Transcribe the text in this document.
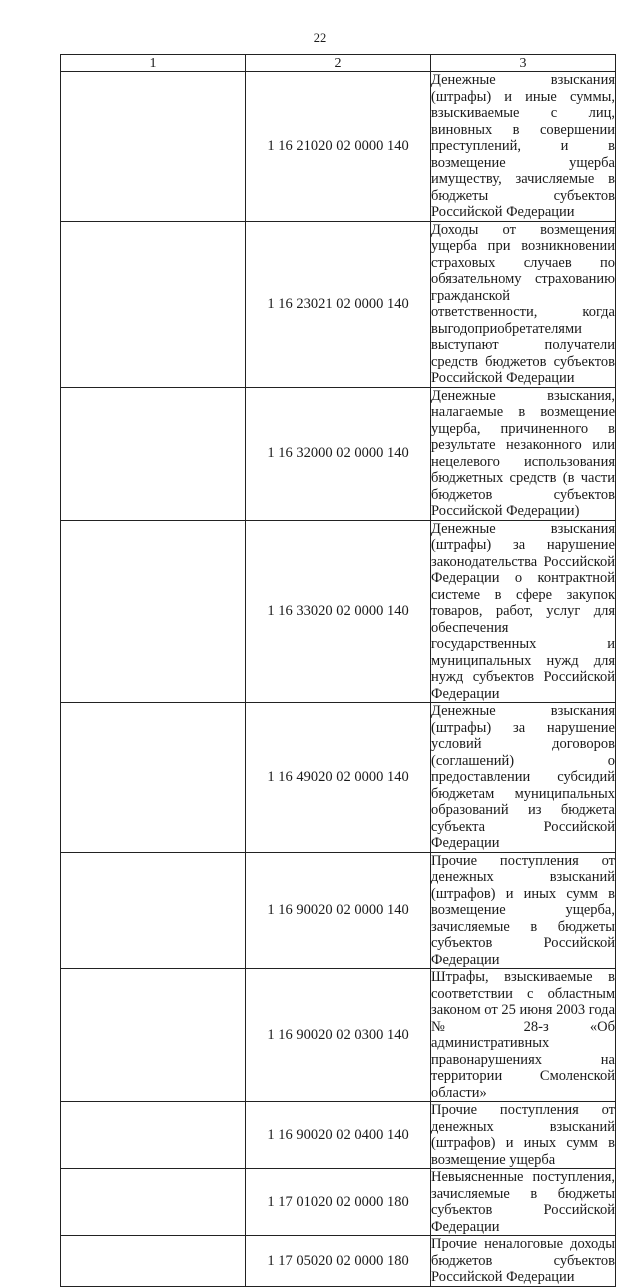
22
1	2	3
	1 16 21020 02 0000 140	Денежные взыскания (штрафы) и иные суммы, взыскиваемые с лиц, виновных в совершении преступлений, и в возмещение ущерба имуществу, зачисляемые в бюджеты субъектов Российской Федерации
	1 16 23021 02 0000 140	Доходы от возмещения ущерба при возникновении страховых случаев по обязательному страхованию гражданской ответственности, когда выгодоприобретателями выступают получатели средств бюджетов субъектов Российской Федерации
	1 16 32000 02 0000 140	Денежные взыскания, налагаемые в возмещение ущерба, причиненного в результате незаконного или нецелевого использования бюджетных средств (в части бюджетов субъектов Российской Федерации)
	1 16 33020 02 0000 140	Денежные взыскания (штрафы) за нарушение законодательства Российской Федерации о контрактной системе в сфере закупок товаров, работ, услуг для обеспечения государственных и муниципальных нужд для нужд субъектов Российской Федерации
	1 16 49020 02 0000 140	Денежные взыскания (штрафы) за нарушение условий договоров (соглашений) о предоставлении субсидий бюджетам муниципальных образований из бюджета субъекта Российской Федерации
	1 16 90020 02 0000 140	Прочие поступления от денежных взысканий (штрафов) и иных сумм в возмещение ущерба, зачисляемые в бюджеты субъектов Российской Федерации
	1 16 90020 02 0300 140	Штрафы, взыскиваемые в соответствии с областным законом от 25 июня 2003 года № 28-з «Об административных правонарушениях на территории Смоленской области»
	1 16 90020 02 0400 140	Прочие поступления от денежных взысканий (штрафов) и иных сумм в возмещение ущерба
	1 17 01020 02 0000 180	Невыясненные поступления, зачисляемые в бюджеты субъектов Российской Федерации
	1 17 05020 02 0000 180	Прочие неналоговые доходы бюджетов субъектов Российской Федерации
